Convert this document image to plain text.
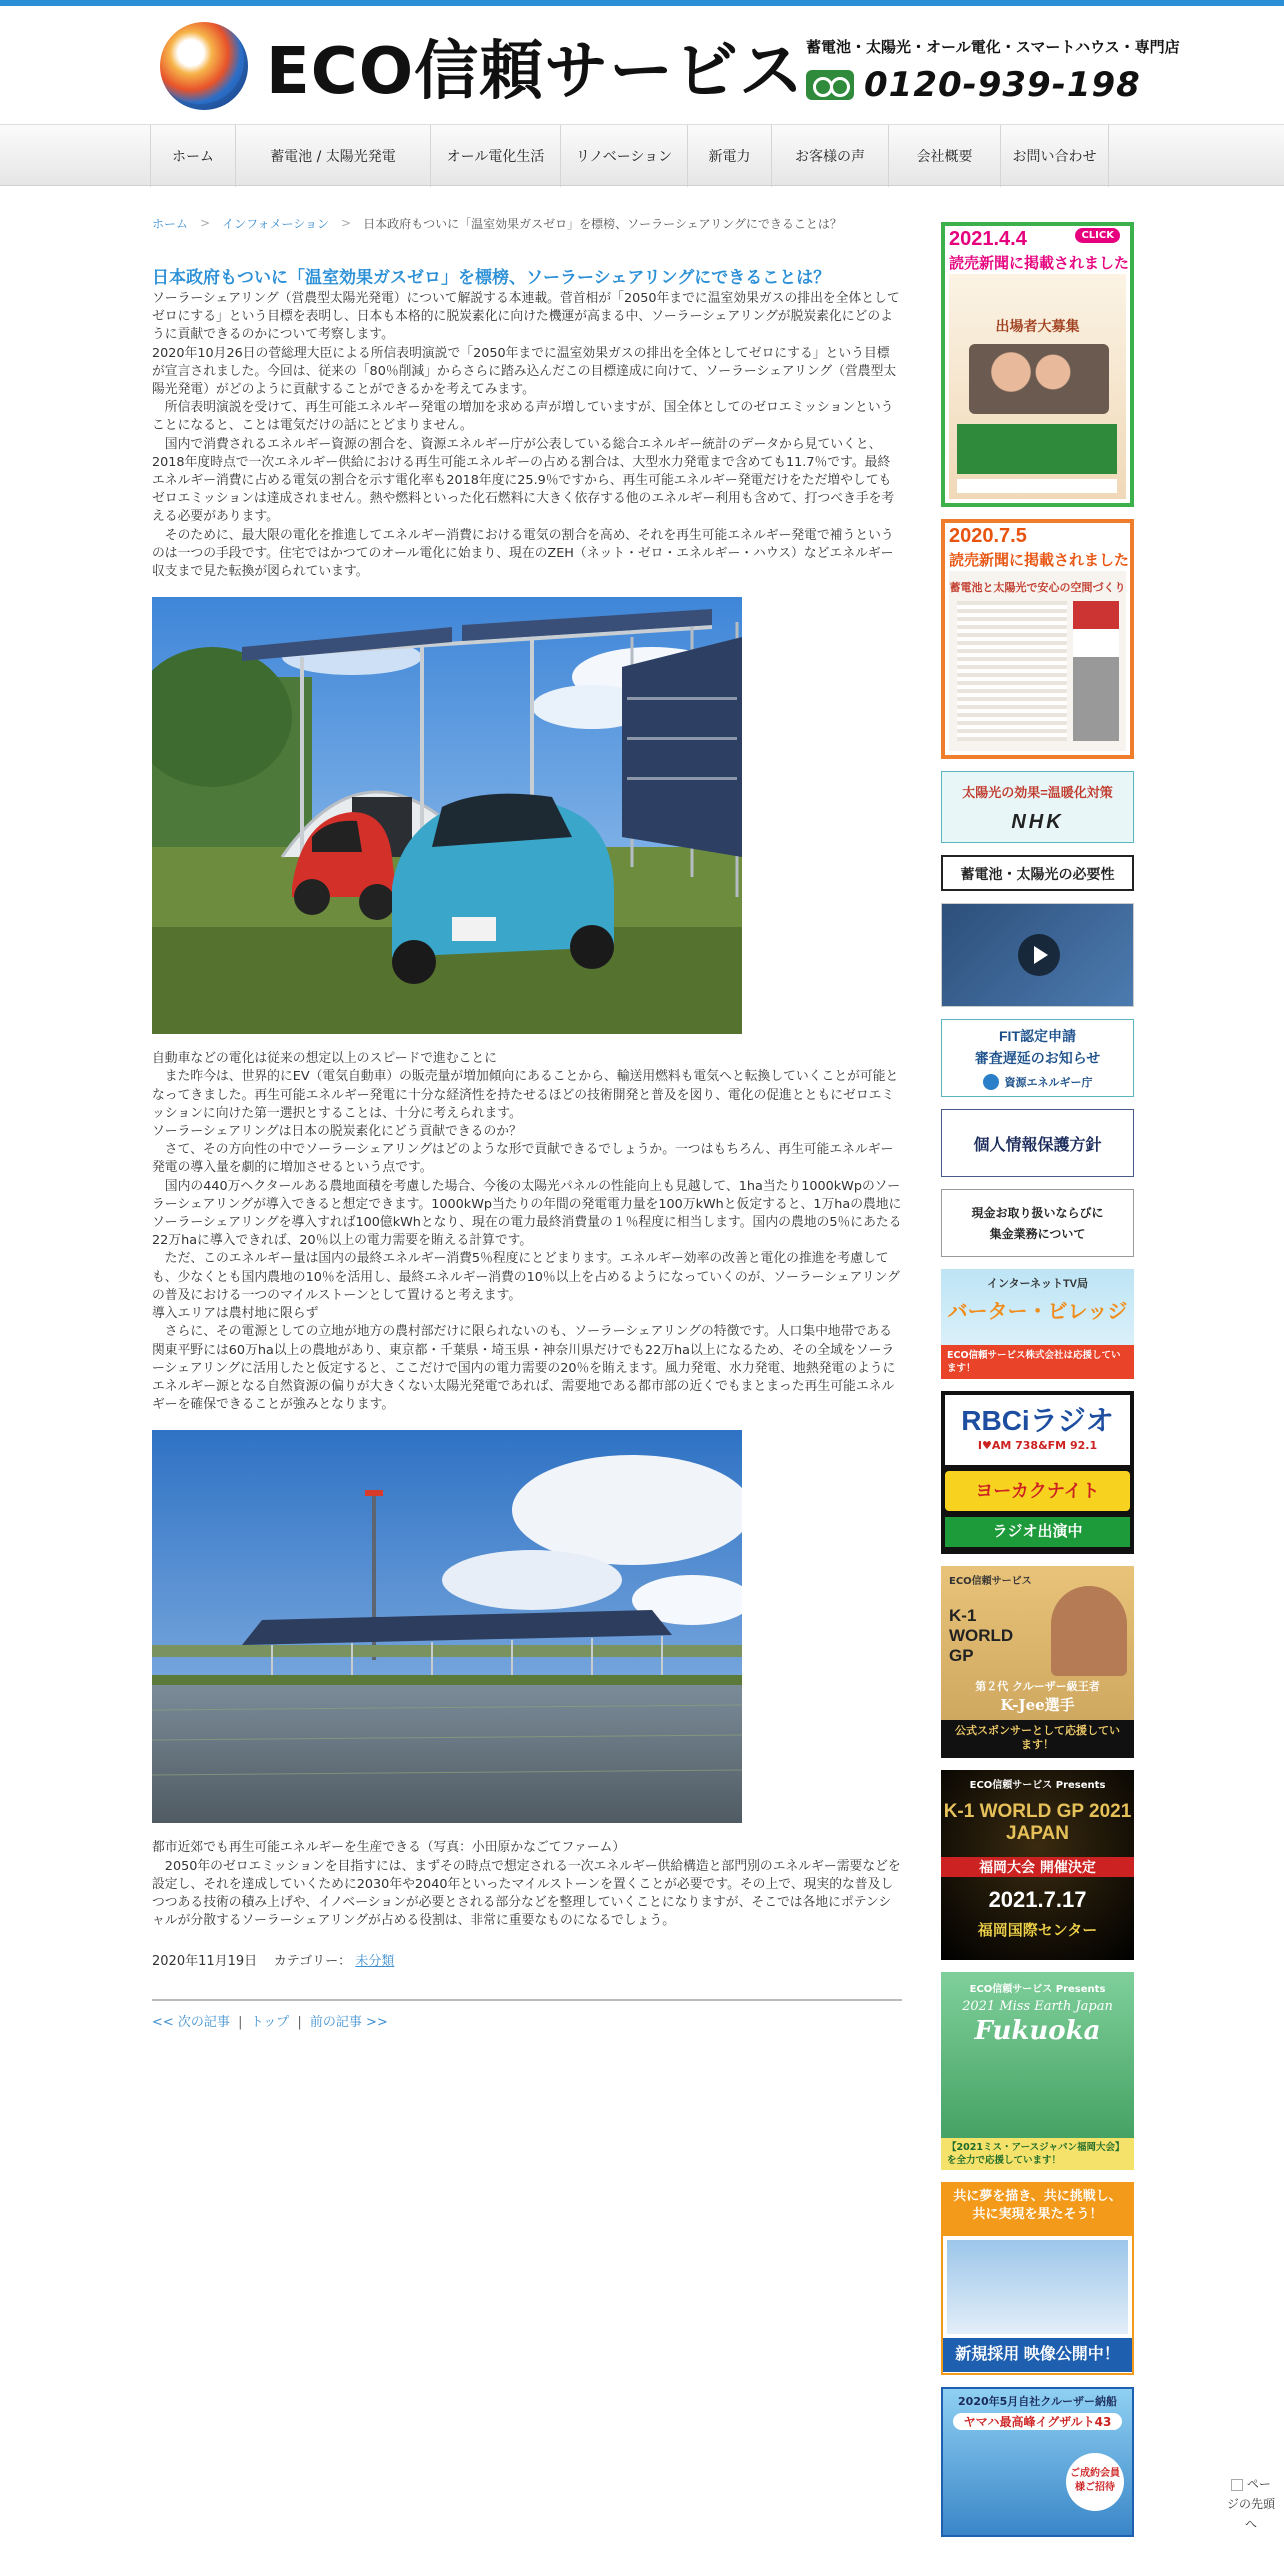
ECO信頼サービス 蓄電池・太陽光・オール電化・スマートハウス・専門店
0120-939-198
ホーム	蓄電池 / 太陽光発電	オール電化生活	リノベーション	新電力	お客様の声	会社概要	お問い合わせ
ホーム > インフォメーション > 日本政府もついに「温室効果ガスゼロ」を標榜、ソーラーシェアリングにできることは？
日本政府もついに「温室効果ガスゼロ」を標榜、ソーラーシェアリングにできることは？

ソーラーシェアリング（営農型太陽光発電）について解説する本連載。菅首相が「2050年までに温室効果ガスの排出を全体としてゼロにする」という目標を表明し、日本も本格的に脱炭素化に向けた機運が高まる中、ソーラーシェアリングが脱炭素化にどのように貢献できるのかについて考察します。

2020年10月26日の菅総理大臣による所信表明演説で「2050年までに温室効果ガスの排出を全体としてゼロにする」という目標が宣言されました。今回は、従来の「80％削減」からさらに踏み込んだこの目標達成に向けて、ソーラーシェアリング（営農型太陽光発電）がどのように貢献することができるかを考えてみます。

　所信表明演説を受けて、再生可能エネルギー発電の増加を求める声が増していますが、国全体としてのゼロエミッションということになると、ことは電気だけの話にとどまりません。

　国内で消費されるエネルギー資源の割合を、資源エネルギー庁が公表している総合エネルギー統計のデータから見ていくと、2018年度時点で一次エネルギー供給における再生可能エネルギーの占める割合は、大型水力発電まで含めても11.7％です。最終エネルギー消費に占める電気の割合を示す電化率も2018年度に25.9％ですから、再生可能エネルギー発電だけをただ増やしてもゼロエミッションは達成されません。熱や燃料といった化石燃料に大きく依存する他のエネルギー利用も含めて、打つべき手を考える必要があります。

　そのために、最大限の電化を推進してエネルギー消費における電気の割合を高め、それを再生可能エネルギー発電で補うというのは一つの手段です。住宅ではかつてのオール電化に始まり、現在のZEH（ネット・ゼロ・エネルギー・ハウス）などエネルギー収支まで見た転換が図られています。

自動車などの電化は従来の想定以上のスピードで進むことに

　また昨今は、世界的にEV（電気自動車）の販売量が増加傾向にあることから、輸送用燃料も電気へと転換していくことが可能となってきました。再生可能エネルギー発電に十分な経済性を持たせるほどの技術開発と普及を図り、電化の促進とともにゼロエミッションに向けた第一選択とすることは、十分に考えられます。

ソーラーシェアリングは日本の脱炭素化にどう貢献できるのか？

　さて、その方向性の中でソーラーシェアリングはどのような形で貢献できるでしょうか。一つはもちろん、再生可能エネルギー発電の導入量を劇的に増加させるという点です。

　国内の440万ヘクタールある農地面積を考慮した場合、今後の太陽光パネルの性能向上も見越して、1ha当たり1000kWpのソーラーシェアリングが導入できると想定できます。1000kWp当たりの年間の発電電力量を100万kWhと仮定すると、1万haの農地にソーラーシェアリングを導入すれば100億kWhとなり、現在の電力最終消費量の１％程度に相当します。国内の農地の5％にあたる22万haに導入できれば、20％以上の電力需要を賄える計算です。

　ただ、このエネルギー量は国内の最終エネルギー消費5％程度にとどまります。エネルギー効率の改善と電化の推進を考慮しても、少なくとも国内農地の10％を活用し、最終エネルギー消費の10％以上を占めるようになっていくのが、ソーラーシェアリングの普及における一つのマイルストーンとして置けると考えます。

導入エリアは農村地に限らず

　さらに、その電源としての立地が地方の農村部だけに限られないのも、ソーラーシェアリングの特徴です。人口集中地帯である関東平野には60万ha以上の農地があり、東京都・千葉県・埼玉県・神奈川県だけでも22万ha以上になるため、その全域をソーラーシェアリングに活用したと仮定すると、ここだけで国内の電力需要の20％を賄えます。風力発電、水力発電、地熱発電のようにエネルギー源となる自然資源の偏りが大きくない太陽光発電であれば、需要地である都市部の近くでもまとまった再生可能エネルギーを確保できることが強みとなります。

都市近郊でも再生可能エネルギーを生産できる（写真：小田原かなごてファーム）

　2050年のゼロエミッションを目指すには、まずその時点で想定される一次エネルギー供給構造と部門別のエネルギー需要などを設定し、それを達成していくために2030年や2040年といったマイルストーンを置くことが必要です。その上で、現実的な普及しつつある技術の積み上げや、イノベーションが必要とされる部分などを整理していくことになりますが、そこでは各地にポテンシャルが分散するソーラーシェアリングが占める役割は、非常に重要なものになるでしょう。

2020年11月19日 カテゴリー： 未分類
<< 次の記事 | トップ | 前の記事 >>
2021.4.4	CLICK
読売新聞に掲載されました
出場者大募集
2020.7.5
読売新聞に掲載されました
蓄電池と太陽光で安心の空間づくり
太陽光の効果=温暖化対策
NHK
蓄電池・太陽光の必要性
FIT認定申請
審査遅延のお知らせ
資源エネルギー庁
個人情報保護方針
現金お取り扱いならびに
集金業務について
インターネットTV局
バーター・ビレッジ
ECO信頼サービス株式会社は応援しています！
RBCiラジオ
I♥AM 738&FM 92.1
ヨーカクナイト
ラジオ出演中
ECO信頼サービス
K-1 WORLD GP
第２代 クルーザー級王者
K-Jee選手
公式スポンサーとして応援しています！
ECO信頼サービス Presents
K-1 WORLD GP 2021 JAPAN
福岡大会 開催決定
2021.7.17
福岡国際センター
ECO信頼サービス Presents
2021 Miss Earth Japan
Fukuoka
【2021ミス・アースジャパン福岡大会】を全力で応援しています！
共に夢を描き、共に挑戦し、共に実現を果たそう！
新規採用 映像公開中！
2020年5月自社クルーザー納船
ヤマハ最高峰イグザルト43
ご成約会員様ご招待	ページの先頭へ
